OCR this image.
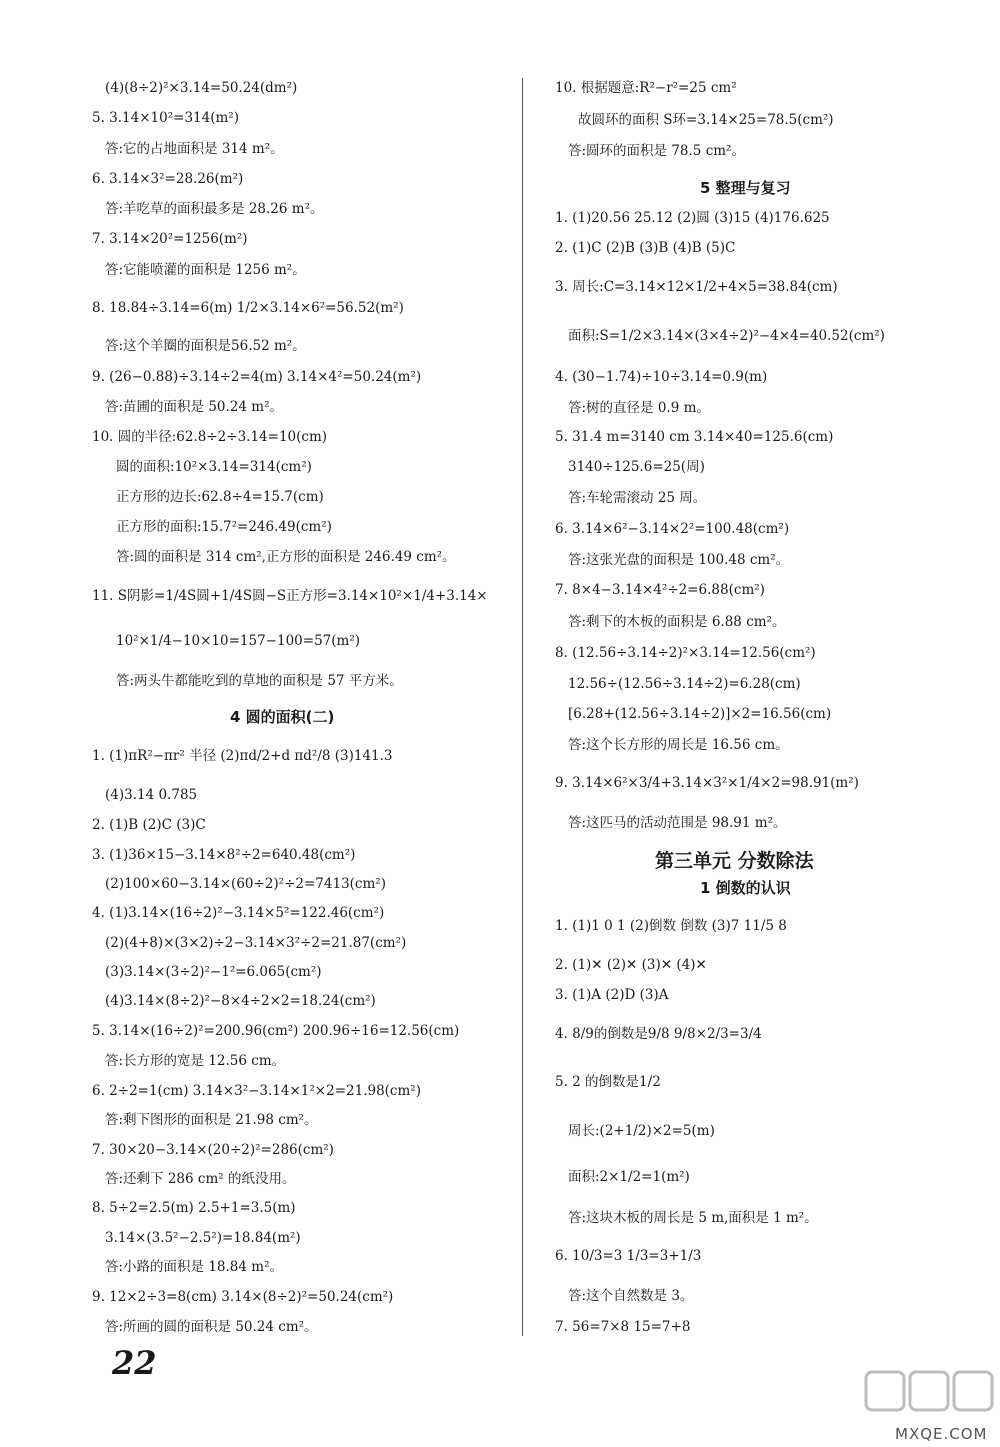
(4)(8÷2)²×3.14=50.24(dm²)
5. 3.14×10²=314(m²)
答:它的占地面积是 314 m²。
6. 3.14×3²=28.26(m²)
答:羊吃草的面积最多是 28.26 m²。
7. 3.14×20²=1256(m²)
答:它能喷灌的面积是 1256 m²。
8. 18.84÷3.14=6(m) 1/2×3.14×6²=56.52(m²)
答:这个羊圈的面积是56.52 m²。
9. (26−0.88)÷3.14÷2=4(m) 3.14×4²=50.24(m²)
答:苗圃的面积是 50.24 m²。
10. 圆的半径:62.8÷2÷3.14=10(cm)
圆的面积:10²×3.14=314(cm²)
正方形的边长:62.8÷4=15.7(cm)
正方形的面积:15.7²=246.49(cm²)
答:圆的面积是 314 cm²,正方形的面积是 246.49 cm²。
11. S阴影=1/4S圆+1/4S圆−S正方形=3.14×10²×1/4+3.14×
10²×1/4−10×10=157−100=57(m²)
答:两头牛都能吃到的草地的面积是 57 平方米。
1. (1)πR²−πr² 半径 (2)πd/2+d πd²/8 (3)141.3
(4)3.14 0.785
2. (1)B (2)C (3)C
3. (1)36×15−3.14×8²÷2=640.48(cm²)
(2)100×60−3.14×(60÷2)²÷2=7413(cm²)
4. (1)3.14×(16÷2)²−3.14×5²=122.46(cm²)
(2)(4+8)×(3×2)÷2−3.14×3²÷2=21.87(cm²)
(3)3.14×(3÷2)²−1²=6.065(cm²)
(4)3.14×(8÷2)²−8×4÷2×2=18.24(cm²)
5. 3.14×(16÷2)²=200.96(cm²) 200.96÷16=12.56(cm)
答:长方形的宽是 12.56 cm。
6. 2÷2=1(cm) 3.14×3²−3.14×1²×2=21.98(cm²)
答:剩下图形的面积是 21.98 cm²。
7. 30×20−3.14×(20÷2)²=286(cm²)
答:还剩下 286 cm² 的纸没用。
8. 5÷2=2.5(m) 2.5+1=3.5(m)
3.14×(3.5²−2.5²)=18.84(m²)
答:小路的面积是 18.84 m²。
9. 12×2÷3=8(cm) 3.14×(8÷2)²=50.24(cm²)
答:所画的圆的面积是 50.24 cm²。
4 圆的面积(二)
10. 根据题意:R²−r²=25 cm²
故圆环的面积 S环=3.14×25=78.5(cm²)
答:圆环的面积是 78.5 cm²。
1. (1)20.56 25.12 (2)圆 (3)15 (4)176.625
2. (1)C (2)B (3)B (4)B (5)C
3. 周长:C=3.14×12×1/2+4×5=38.84(cm)
面积:S=1/2×3.14×(3×4÷2)²−4×4=40.52(cm²)
4. (30−1.74)÷10÷3.14=0.9(m)
答:树的直径是 0.9 m。
5. 31.4 m=3140 cm 3.14×40=125.6(cm)
3140÷125.6=25(周)
答:车轮需滚动 25 周。
6. 3.14×6²−3.14×2²=100.48(cm²)
答:这张光盘的面积是 100.48 cm²。
7. 8×4−3.14×4²÷2=6.88(cm²)
答:剩下的木板的面积是 6.88 cm²。
8. (12.56÷3.14÷2)²×3.14=12.56(cm²)
12.56÷(12.56÷3.14÷2)=6.28(cm)
[6.28+(12.56÷3.14÷2)]×2=16.56(cm)
答:这个长方形的周长是 16.56 cm。
9. 3.14×6²×3/4+3.14×3²×1/4×2=98.91(m²)
答:这匹马的活动范围是 98.91 m²。
1. (1)1 0 1 (2)倒数 倒数 (3)7 11/5 8
2. (1)✕ (2)✕ (3)✕ (4)✕
3. (1)A (2)D (3)A
4. 8/9的倒数是9/8 9/8×2/3=3/4
5. 2 的倒数是1/2
周长:(2+1/2)×2=5(m)
面积:2×1/2=1(m²)
答:这块木板的周长是 5 m,面积是 1 m²。
6. 10/3=3 1/3=3+1/3
答:这个自然数是 3。
7. 56=7×8 15=7+8
5 整理与复习
第三单元 分数除法
1 倒数的认识
22
MXQE.COM
